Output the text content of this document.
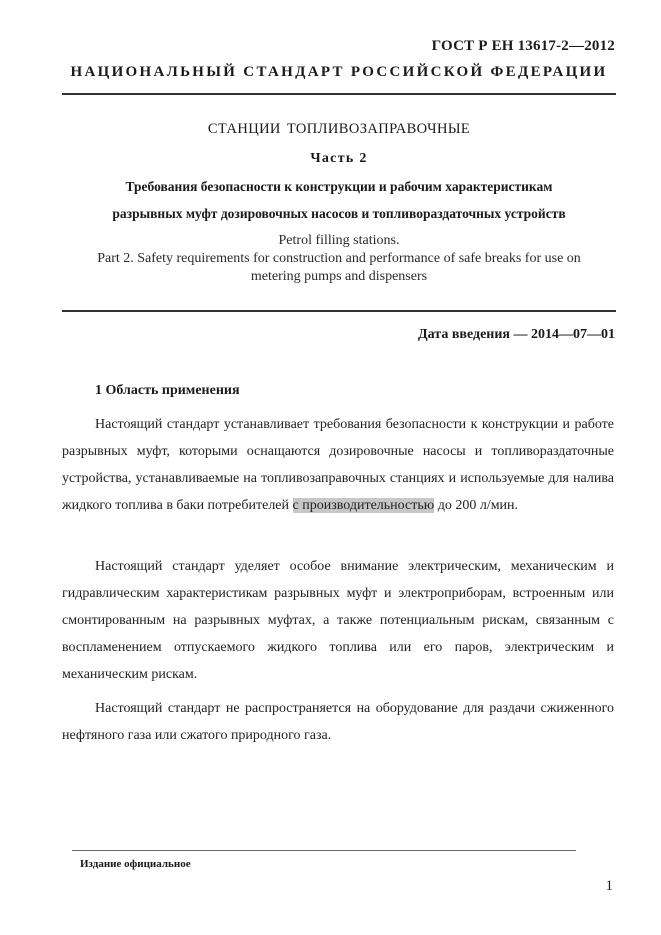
ГОСТ Р ЕН 13617-2—2012
НАЦИОНАЛЬНЫЙ СТАНДАРТ РОССИЙСКОЙ ФЕДЕРАЦИИ
СТАНЦИИ ТОПЛИВОЗАПРАВОЧНЫЕ
Часть 2
Требования безопасности к конструкции и рабочим характеристикам
разрывных муфт дозировочных насосов и топливораздаточных устройств
Petrol filling stations.
Part 2. Safety requirements for construction and performance of safe breaks for use on
metering pumps and dispensers
Дата введения — 2014—07—01
1 Область применения
Настоящий стандарт устанавливает требования безопасности к конструкции и работе разрывных муфт, которыми оснащаются дозировочные насосы и топливораздаточные устройства, устанавливаемые на топливозаправочных станциях и используемые для налива жидкого топлива в баки потребителей с производительностью до 200 л/мин.
Настоящий стандарт уделяет особое внимание электрическим, механическим и гидравлическим характеристикам разрывных муфт и электроприборам, встроенным или смонтированным на разрывных муфтах, а также потенциальным рискам, связанным с воспламенением отпускаемого жидкого топлива или его паров, электрическим и механическим рискам.
Настоящий стандарт не распространяется на оборудование для раздачи сжиженного нефтяного газа или сжатого природного газа.
Издание официальное
1
